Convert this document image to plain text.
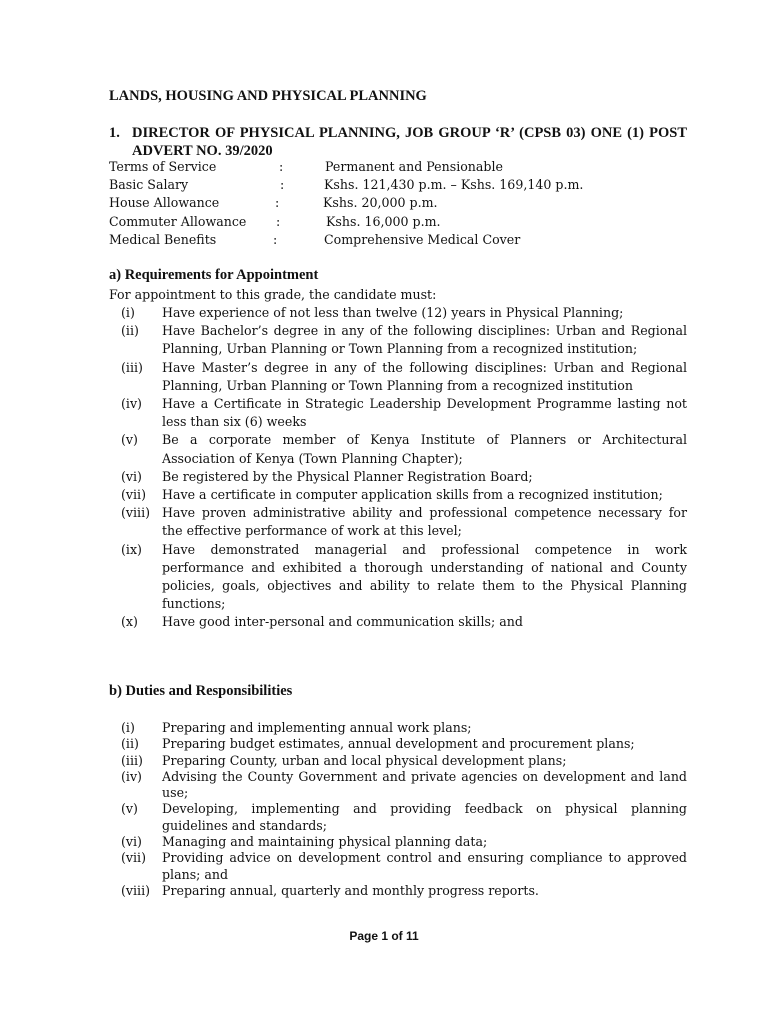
LANDS, HOUSING AND PHYSICAL PLANNING
1. DIRECTOR OF PHYSICAL PLANNING, JOB GROUP ‘R’ (CPSB 03) ONE (1) POST ADVERT NO. 39/2020
Terms of Service	:	Permanent and Pensionable
Basic Salary	:	Kshs. 121,430 p.m. – Kshs. 169,140 p.m.
House Allowance	:	Kshs. 20,000 p.m.
Commuter Allowance :	Kshs. 16,000 p.m.
Medical Benefits	:	Comprehensive Medical Cover
a) Requirements for Appointment
For appointment to this grade, the candidate must:
(i) Have experience of not less than twelve (12) years in Physical Planning;
(ii) Have Bachelor’s degree in any of the following disciplines: Urban and Regional Planning, Urban Planning or Town Planning from a recognized institution;
(iii) Have Master’s degree in any of the following disciplines: Urban and Regional Planning, Urban Planning or Town Planning from a recognized institution
(iv) Have a Certificate in Strategic Leadership Development Programme lasting not less than six (6) weeks
(v) Be a corporate member of Kenya Institute of Planners or Architectural Association of Kenya (Town Planning Chapter);
(vi) Be registered by the Physical Planner Registration Board;
(vii) Have a certificate in computer application skills from a recognized institution;
(viii) Have proven administrative ability and professional competence necessary for the effective performance of work at this level;
(ix) Have demonstrated managerial and professional competence in work performance and exhibited a thorough understanding of national and County policies, goals, objectives and ability to relate them to the Physical Planning functions;
(x) Have good inter-personal and communication skills; and
b) Duties and Responsibilities
(i) Preparing and implementing annual work plans;
(ii) Preparing budget estimates, annual development and procurement plans;
(iii) Preparing County, urban and local physical development plans;
(iv) Advising the County Government and private agencies on development and land use;
(v) Developing, implementing and providing feedback on physical planning guidelines and standards;
(vi) Managing and maintaining physical planning data;
(vii) Providing advice on development control and ensuring compliance to approved plans; and
(viii) Preparing annual, quarterly and monthly progress reports.
Page 1 of 11
